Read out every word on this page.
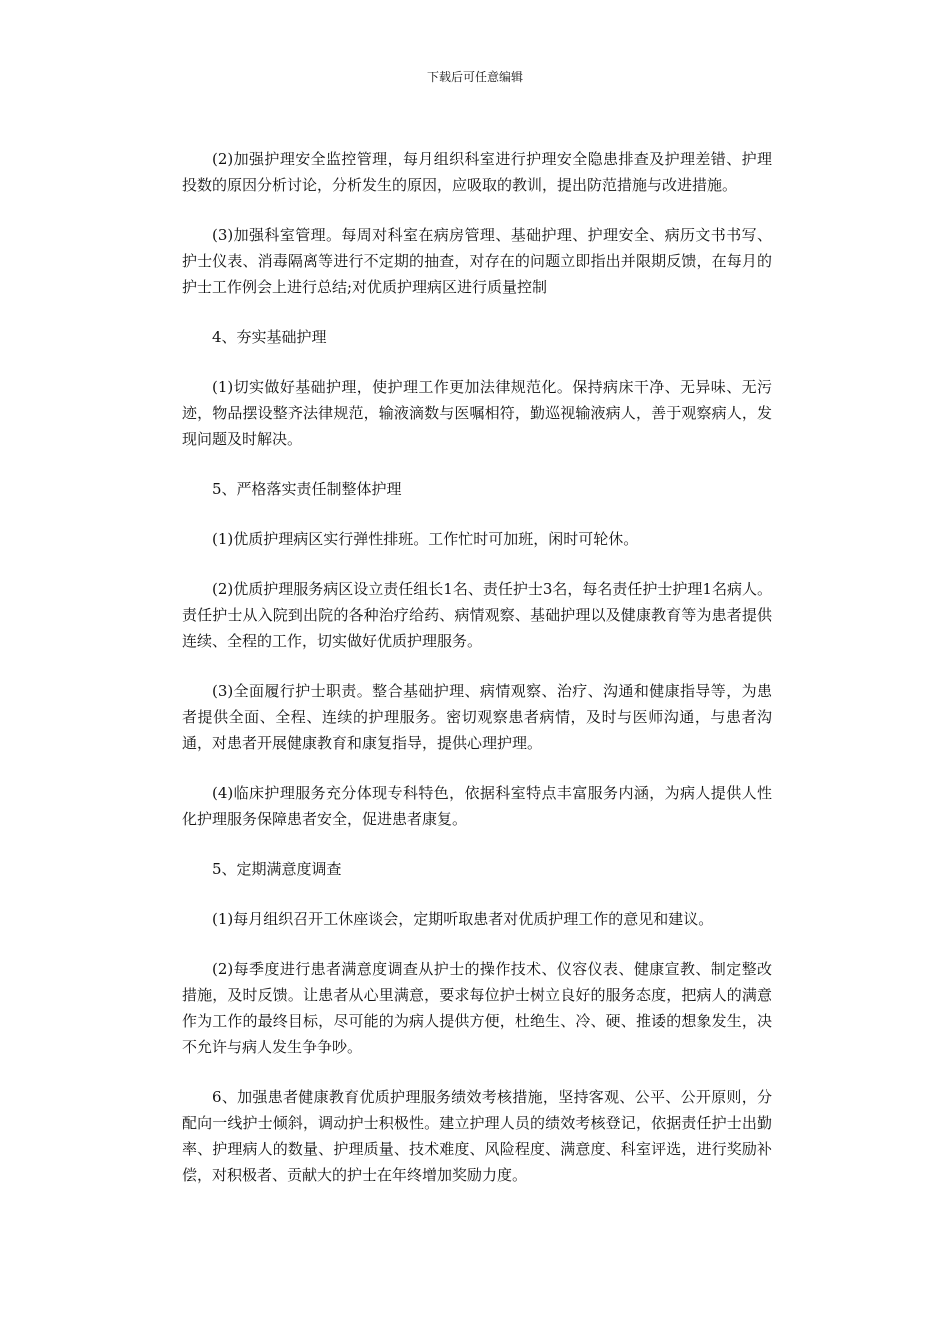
下载后可任意编辑

(2)加强护理安全监控管理，每月组织科室进行护理安全隐患排查及护理差错、护理投数的原因分析讨论，分析发生的原因，应吸取的教训，提出防范措施与改进措施。

(3)加强科室管理。每周对科室在病房管理、基础护理、护理安全、病历文书书写、护士仪表、消毒隔离等进行不定期的抽查，对存在的问题立即指出并限期反馈，在每月的护士工作例会上进行总结;对优质护理病区进行质量控制

4、夯实基础护理

(1)切实做好基础护理，使护理工作更加法律规范化。保持病床干净、无异味、无污迹，物品摆设整齐法律规范，输液滴数与医嘱相符，勤巡视输液病人，善于观察病人，发现问题及时解决。

5、严格落实责任制整体护理

(1)优质护理病区实行弹性排班。工作忙时可加班，闲时可轮休。

(2)优质护理服务病区设立责任组长1名、责任护士3名，每名责任护士护理1名病人。责任护士从入院到出院的各种治疗给药、病情观察、基础护理以及健康教育等为患者提供连续、全程的工作，切实做好优质护理服务。

(3)全面履行护士职责。整合基础护理、病情观察、治疗、沟通和健康指导等，为患者提供全面、全程、连续的护理服务。密切观察患者病情，及时与医师沟通，与患者沟通，对患者开展健康教育和康复指导，提供心理护理。

(4)临床护理服务充分体现专科特色，依据科室特点丰富服务内涵，为病人提供人性化护理服务保障患者安全，促进患者康复。

5、定期满意度调查

(1)每月组织召开工休座谈会，定期听取患者对优质护理工作的意见和建议。

(2)每季度进行患者满意度调查从护士的操作技术、仪容仪表、健康宣教、制定整改措施，及时反馈。让患者从心里满意，要求每位护士树立良好的服务态度，把病人的满意作为工作的最终目标，尽可能的为病人提供方便，杜绝生、冷、硬、推诿的想象发生，决不允许与病人发生争争吵。

6、加强患者健康教育优质护理服务绩效考核措施，坚持客观、公平、公开原则，分配向一线护士倾斜，调动护士积极性。建立护理人员的绩效考核登记，依据责任护士出勤率、护理病人的数量、护理质量、技术难度、风险程度、满意度、科室评选，进行奖励补偿，对积极者、贡献大的护士在年终增加奖励力度。
